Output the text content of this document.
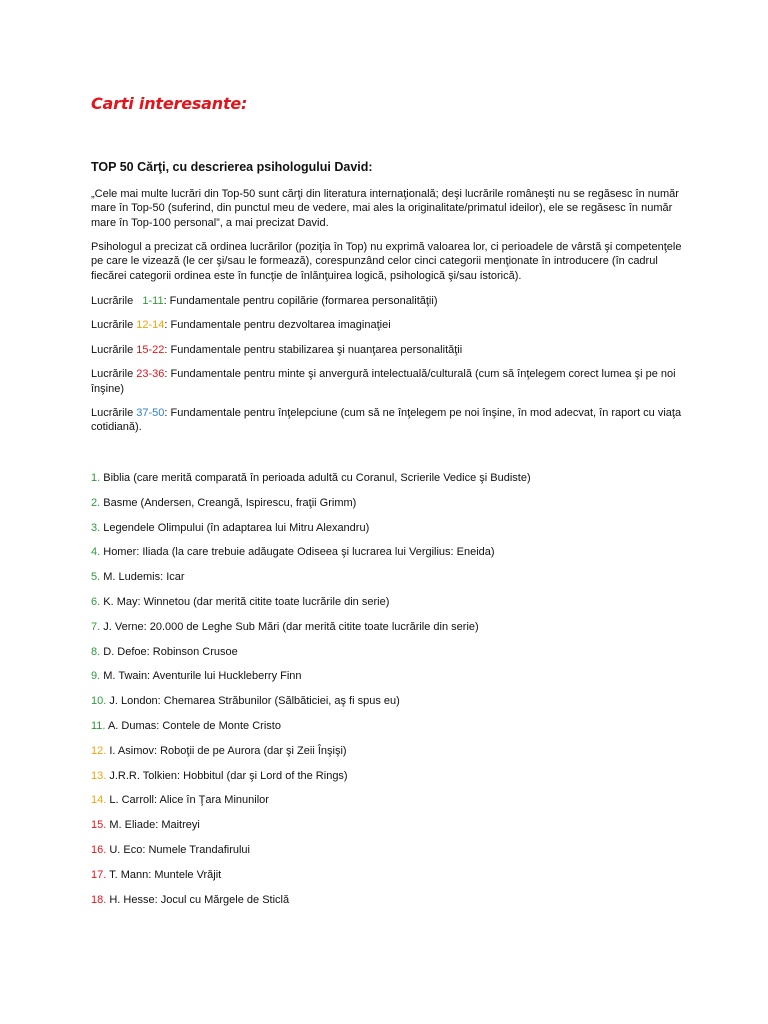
Carti interesante:
TOP 50 Cărţi, cu descrierea psihologului David:
„Cele mai multe lucrări din Top-50 sunt cărţi din literatura internaţională; deşi lucrările româneşti nu se regăsesc în număr mare în Top-50 (suferind, din punctul meu de vedere, mai ales la originalitate/primatul ideilor), ele se regăsesc în număr mare în Top-100 personal”, a mai precizat David.
Psihologul a precizat că ordinea lucrărilor (poziţia în Top) nu exprimă valoarea lor, ci perioadele de vârstă şi competenţele pe care le vizează (le cer şi/sau le formează), corespunzând celor cinci categorii menţionate în introducere (în cadrul fiecărei categorii ordinea este în funcţie de înlănţuirea logică, psihologică şi/sau istorică).
Lucrările   1-11: Fundamentale pentru copilărie (formarea personalităţii)
Lucrările 12-14: Fundamentale pentru dezvoltarea imaginaţiei
Lucrările 15-22: Fundamentale pentru stabilizarea şi nuanţarea personalităţii
Lucrările 23-36: Fundamentale pentru minte şi anvergură intelectuală/culturală (cum să înţelegem corect lumea şi pe noi înşine)
Lucrările 37-50: Fundamentale pentru înţelepciune (cum să ne înţelegem pe noi înşine, în mod adecvat, în raport cu viaţa cotidiană).
1. Biblia (care merită comparată în perioada adultă cu Coranul, Scrierile Vedice şi Budiste)
2. Basme (Andersen, Creangă, Ispirescu, fraţii Grimm)
3. Legendele Olimpului (în adaptarea lui Mitru Alexandru)
4. Homer: Iliada (la care trebuie adăugate Odiseea şi lucrarea lui Vergilius: Eneida)
5. M. Ludemis: Icar
6. K. May: Winnetou (dar merită citite toate lucrările din serie)
7. J. Verne: 20.000 de Leghe Sub Mări (dar merită citite toate lucrările din serie)
8. D. Defoe: Robinson Crusoe
9. M. Twain: Aventurile lui Huckleberry Finn
10. J. London: Chemarea Străbunilor (Sălbăticiei, aş fi spus eu)
11. A. Dumas: Contele de Monte Cristo
12. I. Asimov: Roboţii de pe Aurora (dar şi Zeii Înşişi)
13. J.R.R. Tolkien: Hobbitul (dar şi Lord of the Rings)
14. L. Carroll: Alice în Ţara Minunilor
15. M. Eliade: Maitreyi
16. U. Eco: Numele Trandafirului
17. T. Mann: Muntele Vrăjit
18. H. Hesse: Jocul cu Mărgele de Sticlă
